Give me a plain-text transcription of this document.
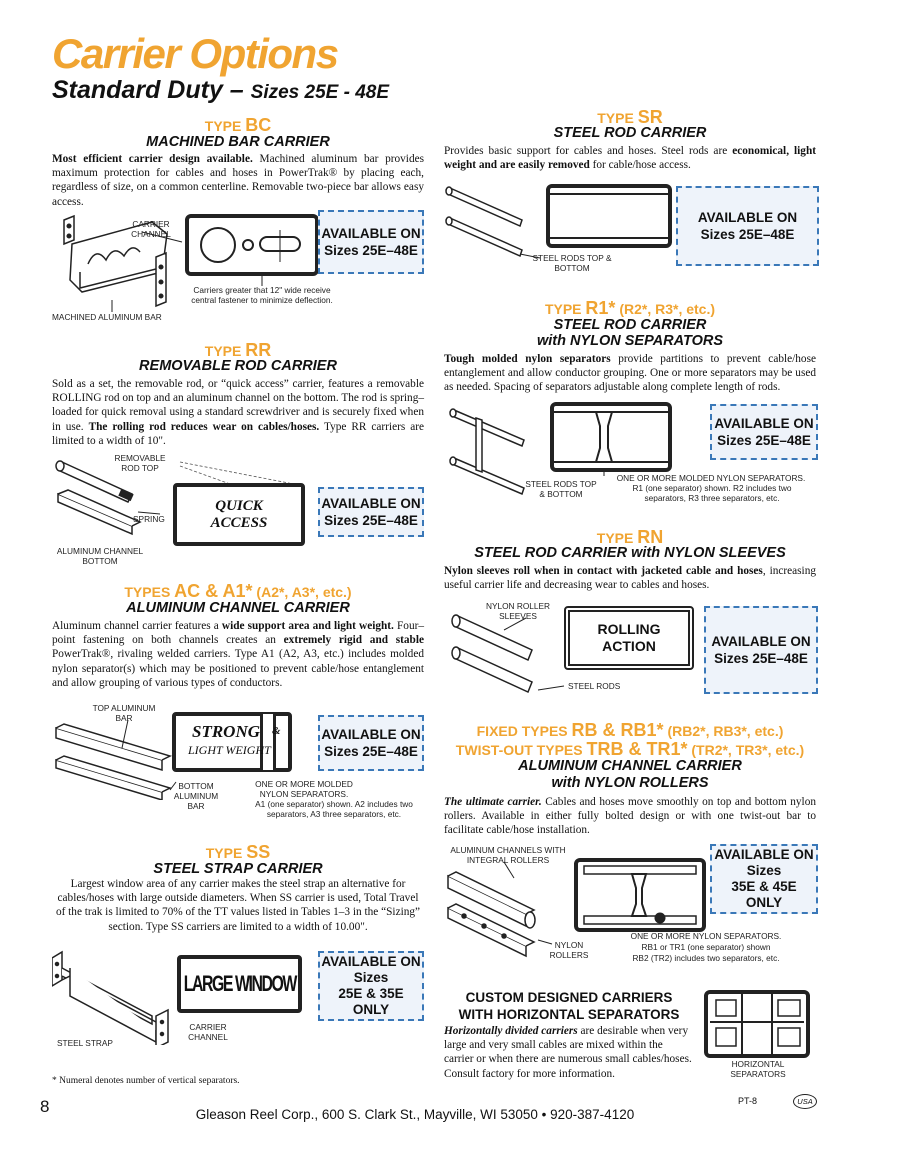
Carrier Options
Standard Duty – Sizes 25E - 48E
TYPE BC
MACHINED BAR CARRIER
Most efficient carrier design available. Machined aluminum bar provides maximum protection for cables and hoses in PowerTrak® by placing each, regardless of size, on a common centerline. Removable two-piece bar allows easy access.
CARRIER CHANNEL
MACHINED ALUMINUM BAR
Carriers greater that 12" wide receive central fastener to minimize deflection.
AVAILABLE ON
Sizes 25E–48E
TYPE RR
REMOVABLE ROD CARRIER
Sold as a set, the removable rod, or “quick access” carrier, features a removable ROLLING rod on top and an aluminum channel on the bottom. The rod is spring–loaded for quick removal using a standard screwdriver and is securely fixed when in use. The rolling rod reduces wear on cables/hoses. Type RR carriers are limited to a width of 10".
REMOVABLE ROD TOP
SPRING
ALUMINUM CHANNEL BOTTOM
QUICK
ACCESS
AVAILABLE ON
Sizes 25E–48E
TYPES AC & A1* (A2*, A3*, etc.)
ALUMINUM CHANNEL CARRIER
Aluminum channel carrier features a wide support area and light weight. Four–point fastening on both channels creates an extremely rigid and stable PowerTrak®, rivaling welded carriers. Type A1 (A2, A3, etc.) includes molded nylon separator(s) which may be positioned to prevent cable/hose entanglement and allow grouping of various types of conductors.
TOP ALUMINUM BAR
BOTTOM ALUMINUM BAR
STRONG &
LIGHT WEIGHT
ONE OR MORE MOLDED NYLON SEPARATORS.
A1 (one separator) shown. A2 includes two separators, A3 three separators, etc.
AVAILABLE ON
Sizes 25E–48E
TYPE SS
STEEL STRAP CARRIER
Largest window area of any carrier makes the steel strap an alternative for cables/hoses with large outside diameters. When SS carrier is used, Total Travel of the trak is limited to 70% of the TT values listed in Tables 1–3 in the “Sizing” section. Type SS carriers are limited to a width of 10.00".
STEEL STRAP
CARRIER CHANNEL
LARGE WINDOW
AVAILABLE ON
Sizes
25E & 35E
ONLY
* Numeral denotes number of vertical separators.
TYPE SR
STEEL ROD CARRIER
Provides basic support for cables and hoses. Steel rods are economical, light weight and are easily removed for cable/hose access.
STEEL RODS TOP & BOTTOM
AVAILABLE ON
Sizes 25E–48E
TYPE R1* (R2*, R3*, etc.)
STEEL ROD CARRIER
with NYLON SEPARATORS
Tough molded nylon separators provide partitions to prevent cable/hose entanglement and allow conductor grouping. One or more separators may be used as needed. Spacing of separators adjustable along complete length of rods.
STEEL RODS TOP & BOTTOM
ONE OR MORE MOLDED NYLON SEPARATORS.
R1 (one separator) shown. R2 includes two separators, R3 three separators, etc.
AVAILABLE ON
Sizes 25E–48E
TYPE RN
STEEL ROD CARRIER with NYLON SLEEVES
Nylon sleeves roll when in contact with jacketed cable and hoses, increasing useful carrier life and decreasing wear to cables and hoses.
NYLON ROLLER SLEEVES
STEEL RODS
ROLLING
ACTION	AVAILABLE ON
Sizes 25E–48E
FIXED TYPES RB & RB1* (RB2*, RB3*, etc.)
TWIST-OUT TYPES TRB & TR1* (TR2*, TR3*, etc.)
ALUMINUM CHANNEL CARRIER
with NYLON ROLLERS
The ultimate carrier. Cables and hoses move smoothly on top and bottom nylon rollers. Available in either fully bolted design or with one twist-out bar to facilitate cable/hose installation.
ALUMINUM CHANNELS WITH INTEGRAL ROLLERS
NYLON ROLLERS
ONE OR MORE NYLON SEPARATORS.
RB1 or TR1 (one separator) shown
RB2 (TR2) includes two separators, etc.
AVAILABLE ON
Sizes
35E & 45E
ONLY
CUSTOM DESIGNED CARRIERS
WITH HORIZONTAL SEPARATORS
Horizontally divided carriers are desirable when very large and very small cables are mixed within the carrier or when there are numerous small cables/hoses. Consult factory for more information.
HORIZONTAL SEPARATORS
8	Gleason Reel Corp., 600 S. Clark St., Mayville, WI 53050 • 920-387-4120
PT-8	USA
